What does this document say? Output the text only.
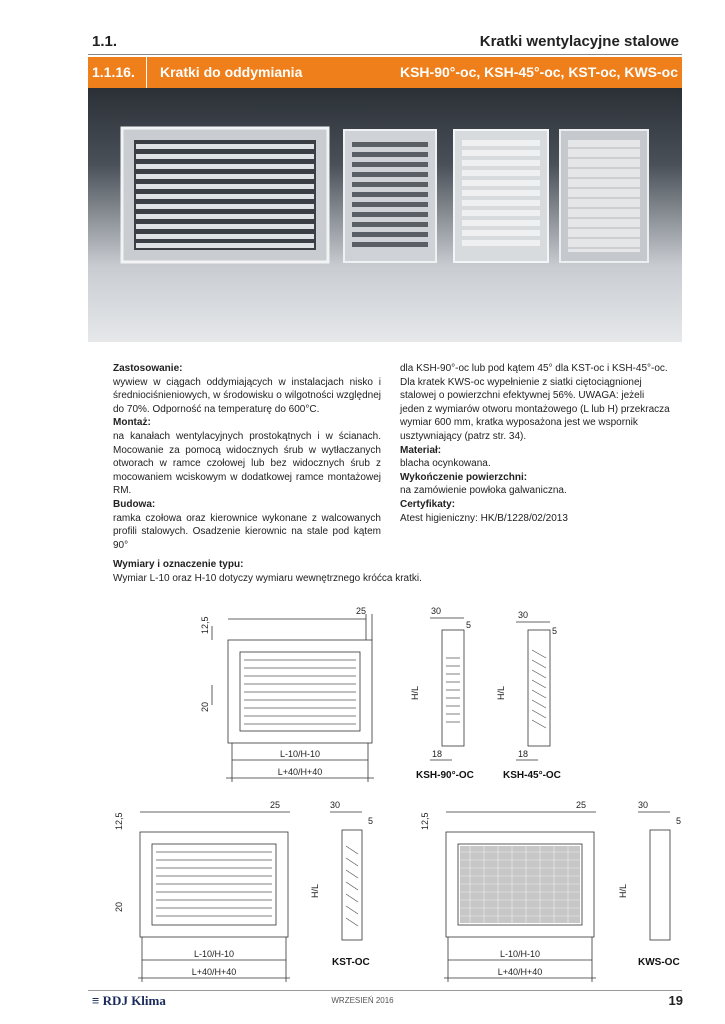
1.1.	Kratki wentylacyjne stalowe
1.1.16. Kratki do oddymiania	KSH-90°-oc, KSH-45°-oc, KST-oc, KWS-oc
Zastosowanie:
wywiew w ciągach oddymiających w instalacjach nisko i średniociśnieniowych, w środowisku o wilgotności względnej do 70%. Odporność na temperaturę do 600°C.
Montaż:
na kanałach wentylacyjnych prostokątnych i w ścianach. Mocowanie za pomocą widocznych śrub w wytłaczanych otworach w ramce czołowej lub bez widocznych śrub z mocowaniem wciskowym w dodatkowej ramce montażowej RM.
Budowa:
ramka czołowa oraz kierownice wykonane z walcowanych profili stalowych. Osadzenie kierownic na stale pod kątem 90°
dla KSH-90°-oc lub pod kątem 45° dla KST-oc i KSH-45°-oc. Dla kratek KWS-oc wypełnienie z siatki ciętociągnionej stalowej o powierzchni efektywnej 56%. UWAGA: jeżeli jeden z wymiarów otworu montażowego (L lub H) przekracza wymiar 600 mm, kratka wyposażona jest we wspornik usztywniający (patrz str. 34).
Materiał:
blacha ocynkowana.
Wykończenie powierzchni:
na zamówienie powłoka galwaniczna.
Certyfikaty:
Atest higieniczny: HK/B/1228/02/2013
Wymiary i oznaczenie typu:
Wymiar L-10 oraz H-10 dotyczy wymiaru wewnętrznego króćca kratki.
25
12,5
20
L-10/H-10
L+40/H+40
30
5
H/L
18
30
5
H/L
18
25
12,5
20
L-10/H-10
L+40/H+40
30
5
H/L
25
12,5
L-10/H-10
L+40/H+40
30
5
H/L
KSH-90°-OC	KSH-45°-OC
KST-OC	KWS-OC
≡ RDJ Klima	WRZESIEŃ 2016	19
